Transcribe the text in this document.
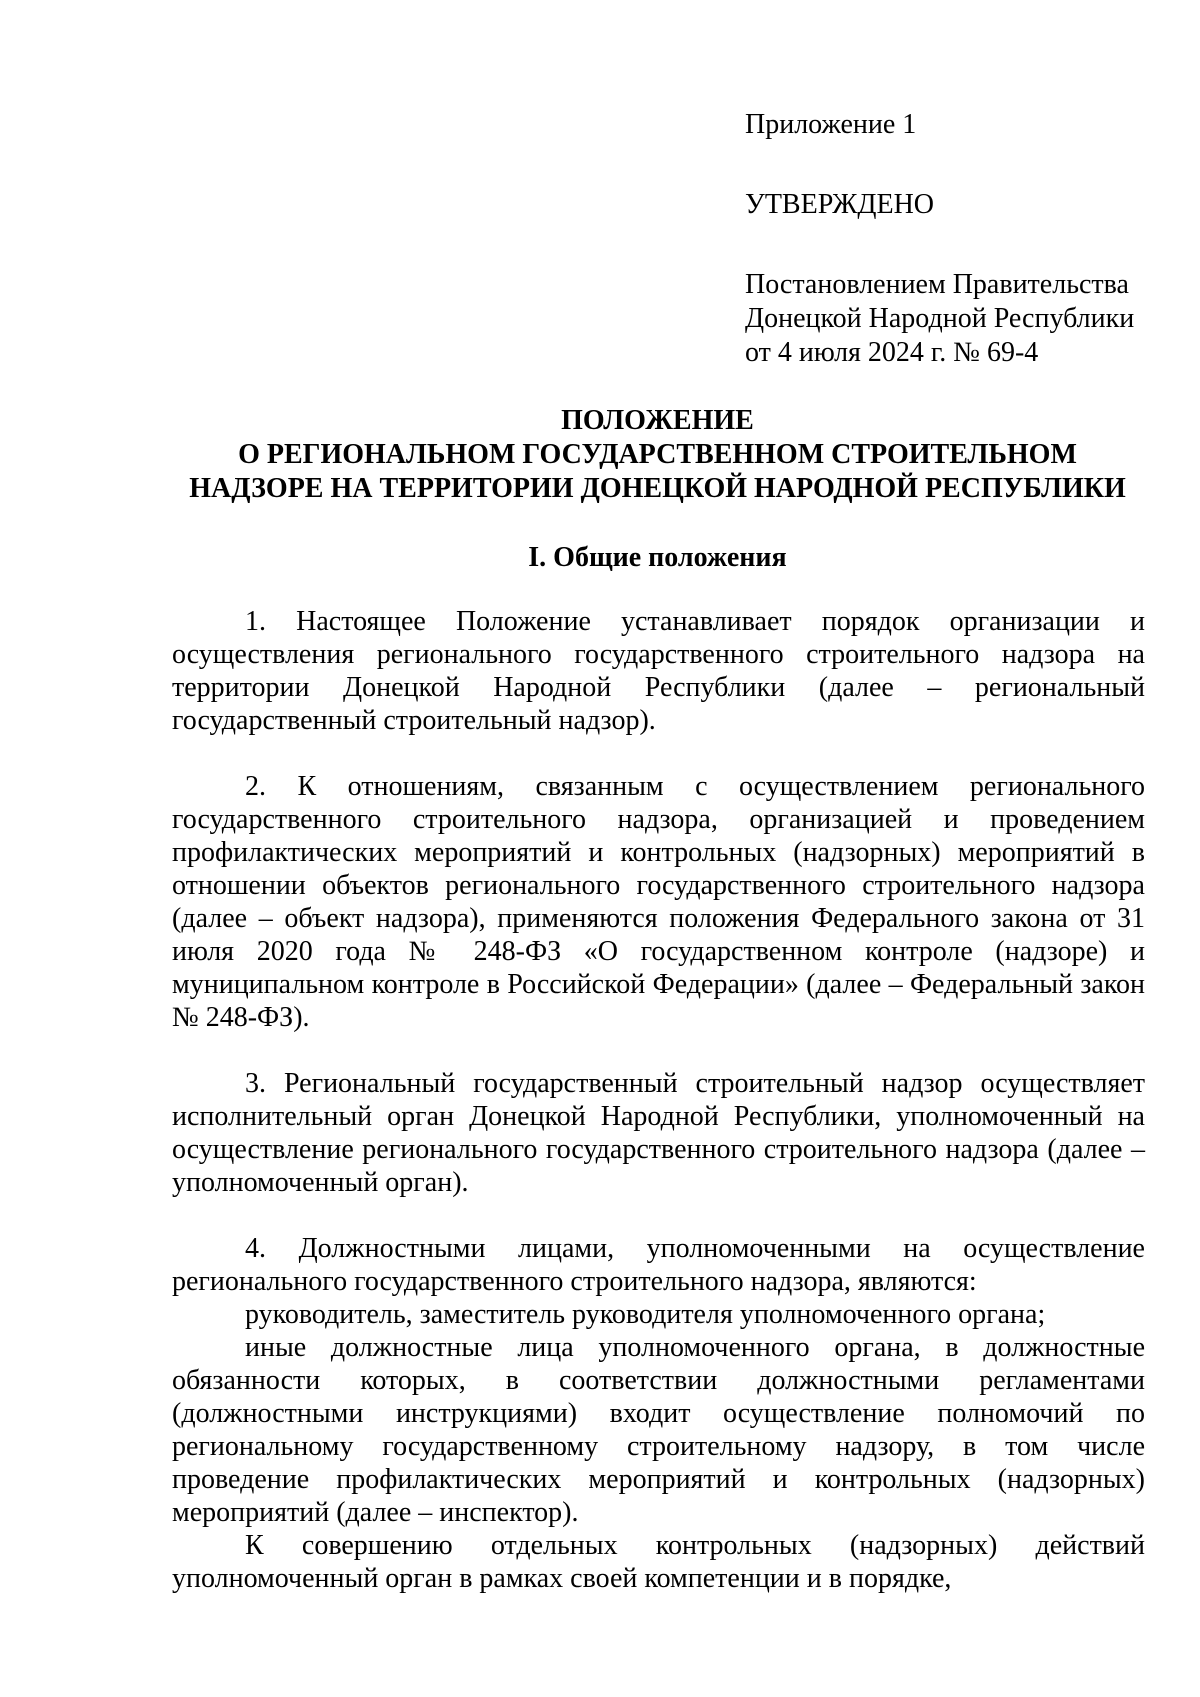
Приложение 1
УТВЕРЖДЕНО
Постановлением Правительства
Донецкой Народной Республики
от 4 июля 2024 г. № 69-4
ПОЛОЖЕНИЕ
О РЕГИОНАЛЬНОМ ГОСУДАРСТВЕННОМ СТРОИТЕЛЬНОМ
НАДЗОРЕ НА ТЕРРИТОРИИ ДОНЕЦКОЙ НАРОДНОЙ РЕСПУБЛИКИ
I. Общие положения

1. Настоящее Положение устанавливает порядок организации и осуществления регионального государственного строительного надзора на территории Донецкой Народной Республики (далее – региональный государственный строительный надзор).

2. К отношениям, связанным с осуществлением регионального государственного строительного надзора, организацией и проведением профилактических мероприятий и контрольных (надзорных) мероприятий в отношении объектов регионального государственного строительного надзора (далее – объект надзора), применяются положения Федерального закона от 31 июля 2020 года № 248-ФЗ «О государственном контроле (надзоре) и муниципальном контроле в Российской Федерации» (далее – Федеральный закон № 248-ФЗ).

3. Региональный государственный строительный надзор осуществляет исполнительный орган Донецкой Народной Республики, уполномоченный на осуществление регионального государственного строительного надзора (далее – уполномоченный орган).

4. Должностными лицами, уполномоченными на осуществление регионального государственного строительного надзора, являются:

руководитель, заместитель руководителя уполномоченного органа;

иные должностные лица уполномоченного органа, в должностные обязанности которых, в соответствии должностными регламентами (должностными инструкциями) входит осуществление полномочий по региональному государственному строительному надзору, в том числе проведение профилактических мероприятий и контрольных (надзорных) мероприятий (далее – инспектор).

К совершению отдельных контрольных (надзорных) действий уполномоченный орган в рамках своей компетенции и в порядке,
